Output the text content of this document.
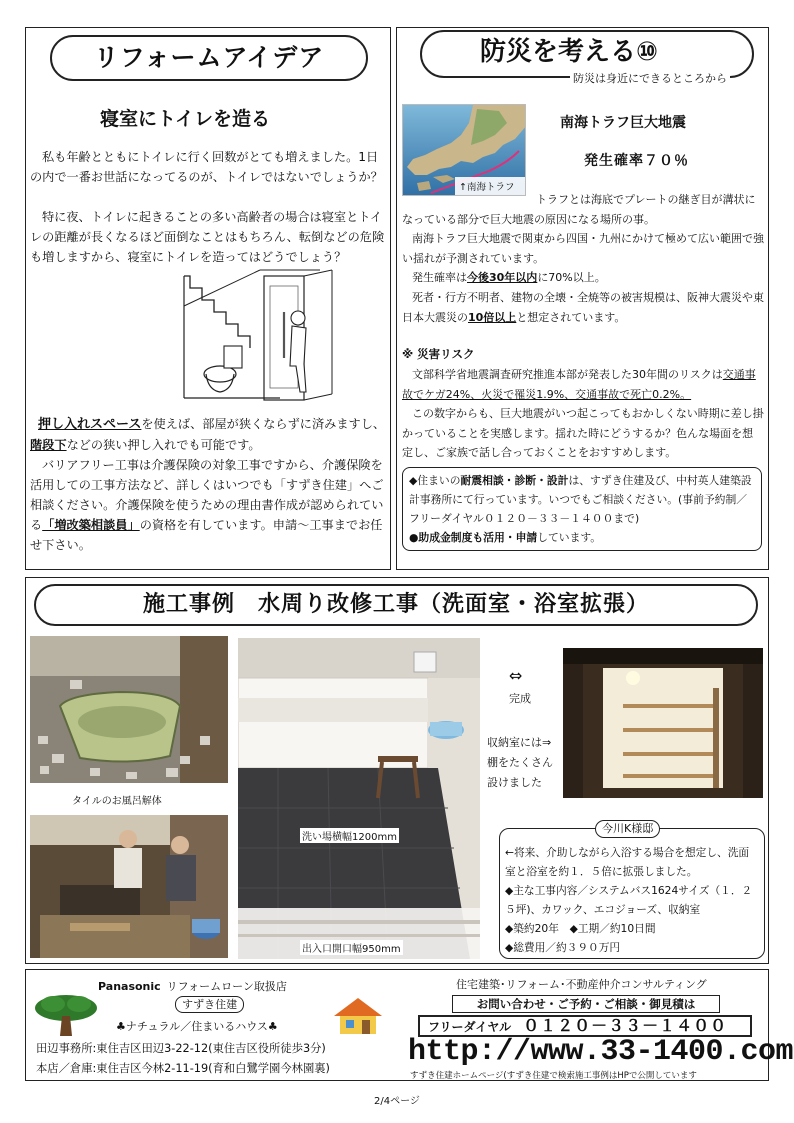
リフォームアイデア
寝室にトイレを造る
私も年齢とともにトイレに行く回数がとても増えました。1日の内で一番お世話になってるのが、トイレではないでしょうか？
特に夜、トイレに起きることの多い高齢者の場合は寝室とトイレの距離が長くなるほど面倒なことはもちろん、転倒などの危険も増しますから、寝室にトイレを造ってはどうでしょう？
押し入れスペースを使えば、部屋が狭くならずに済みますし、階段下などの狭い押し入れでも可能です。
バリアフリー工事は介護保険の対象工事ですから、介護保険を活用しての工事方法など、詳しくはいつでも「すずき住建」へご相談ください。介護保険を使うための理由書作成が認められている「増改築相談員」の資格を有しています。申請～工事までお任せ下さい。
防災を考える⑩
防災は身近にできるところから
↑南海トラフ
南海トラフ巨大地震
発生確率７０％
トラフとは海底でプレートの継ぎ目が溝状になっている部分で巨大地震の原因になる場所の事。
南海トラフ巨大地震で関東から四国・九州にかけて極めて広い範囲で強い揺れが予測されています。
発生確率は今後30年以内に70%以上。
死者・行方不明者、建物の全壊・全焼等の被害規模は、阪神大震災や東日本大震災の10倍以上と想定されています。
※ 災害リスク
文部科学省地震調査研究推進本部が発表した30年間のリスクは交通事故でケガ24%、火災で罹災1.9%、交通事故で死亡0.2%。
この数字からも、巨大地震がいつ起こってもおかしくない時期に差し掛かっていることを実感します。揺れた時にどうするか？色んな場面を想定し、ご家族で話し合っておくことをおすすめします。
◆住まいの耐震相談・診断・設計は、すずき住建及び、中村英人建築設計事務所にて行っています。いつでもご相談ください。(事前予約制／フリーダイヤル０１２０－３３－１４００まで)
●助成金制度も活用・申請しています。
施工事例　水周り改修工事（洗面室・浴室拡張）
タイルのお風呂解体
洗い場横幅1200mm
出入口開口幅950mm
⇔
完成
収納室には⇒
棚をたくさん
設けました
←将来、介助しながら入浴する場合を想定し、洗面室と浴室を約１．５倍に拡張しました。
◆主な工事内容／システムバス1624サイズ（１．２５坪)、カワック、エコジョーズ、収納室
◆築約20年　◆工期／約10日間
◆総費用／約３９０万円
今川K様邸
Panasonic リフォームローン取扱店
すずき住建
♣ナチュラル／住まいるハウス♣
田辺事務所:東住吉区田辺3-22-12(東住吉区役所徒歩3分)
本店／倉庫:東住吉区今林2-11-19(育和白鷺学園今林園裏)
住宅建築･リフォーム･不動産仲介コンサルティング
お問い合わせ・ご予約・ご相談・御見積は
フリーダイヤル ０１２０－３３－１４００
http://www.33-1400.com
すずき住建ホームページ(すずき住建で検索施工事例はHPで公開しています
2/4ページ
